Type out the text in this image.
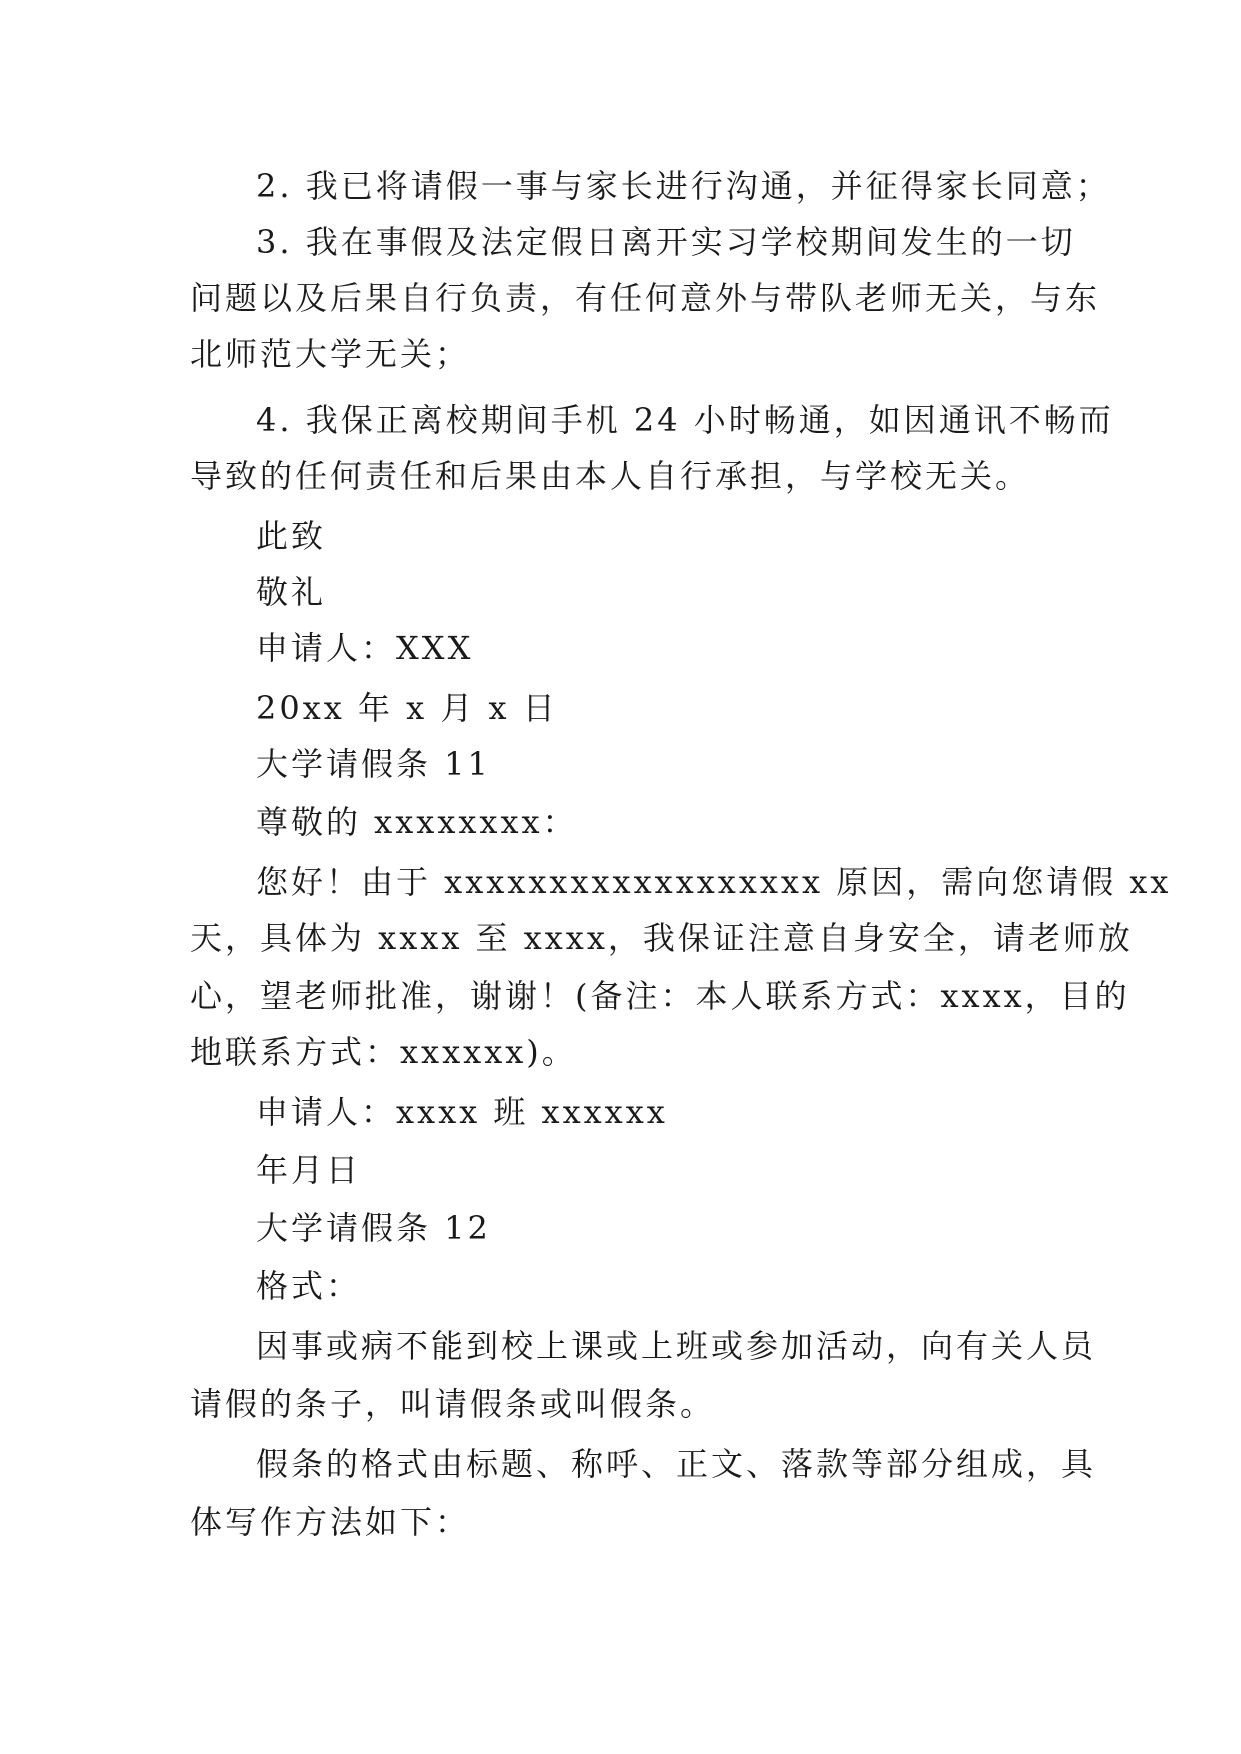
2. 我已将请假一事与家长进行沟通，并征得家长同意；
3. 我在事假及法定假日离开实习学校期间发生的一切
问题以及后果自行负责，有任何意外与带队老师无关，与东
北师范大学无关；
4. 我保正离校期间手机 24 小时畅通，如因通讯不畅而
导致的任何责任和后果由本人自行承担，与学校无关。
此致
敬礼
申请人：XXX
20xx 年 x 月 x 日
大学请假条 11
尊敬的 xxxxxxxx：
您好！由于 xxxxxxxxxxxxxxxxxx 原因，需向您请假 xx
天，具体为 xxxx 至 xxxx，我保证注意自身安全，请老师放
心，望老师批准，谢谢！(备注：本人联系方式：xxxx，目的
地联系方式：xxxxxx)。
申请人：xxxx 班 xxxxxx
年月日
大学请假条 12
格式：
因事或病不能到校上课或上班或参加活动，向有关人员
请假的条子，叫请假条或叫假条。
假条的格式由标题、称呼、正文、落款等部分组成，具
体写作方法如下：
